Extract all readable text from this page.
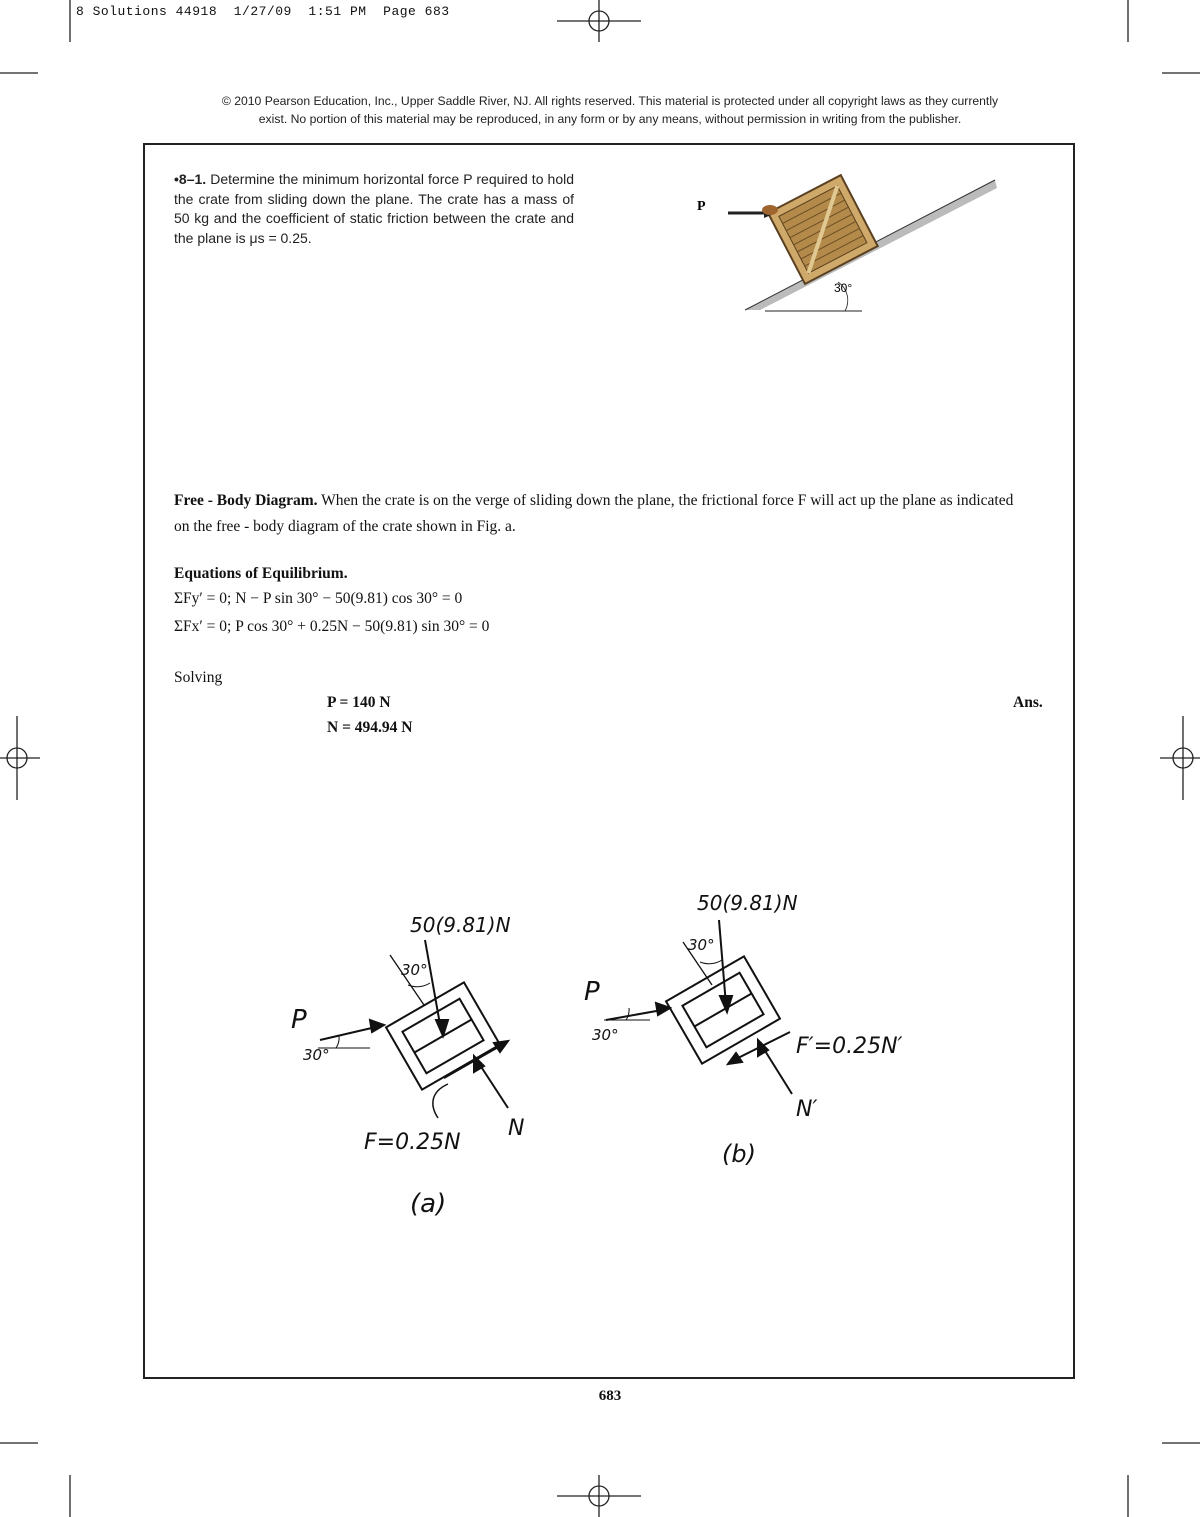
8 Solutions 44918  1/27/09  1:51 PM  Page 683
© 2010 Pearson Education, Inc., Upper Saddle River, NJ. All rights reserved. This material is protected under all copyright laws as they currently
exist. No portion of this material may be reproduced, in any form or by any means, without permission in writing from the publisher.
•8–1. Determine the minimum horizontal force P required to hold the crate from sliding down the plane. The crate has a mass of 50 kg and the coefficient of static friction between the crate and the plane is μs = 0.25.
P
30°
Free - Body Diagram. When the crate is on the verge of sliding down the plane, the frictional force F will act up the plane as indicated on the free - body diagram of the crate shown in Fig. a.
Equations of Equilibrium.
ΣFy′ = 0; N − P sin 30° − 50(9.81) cos 30° = 0
ΣFx′ = 0; P cos 30° + 0.25N − 50(9.81) sin 30° = 0
Solving
P = 140 N
N = 494.94 N
Ans.
50(9.81)N
30°
P
30°
F=0.25N
N
(a)
50(9.81)N
30°
P
30°	F′=0.25N′
N′
(b)
683
